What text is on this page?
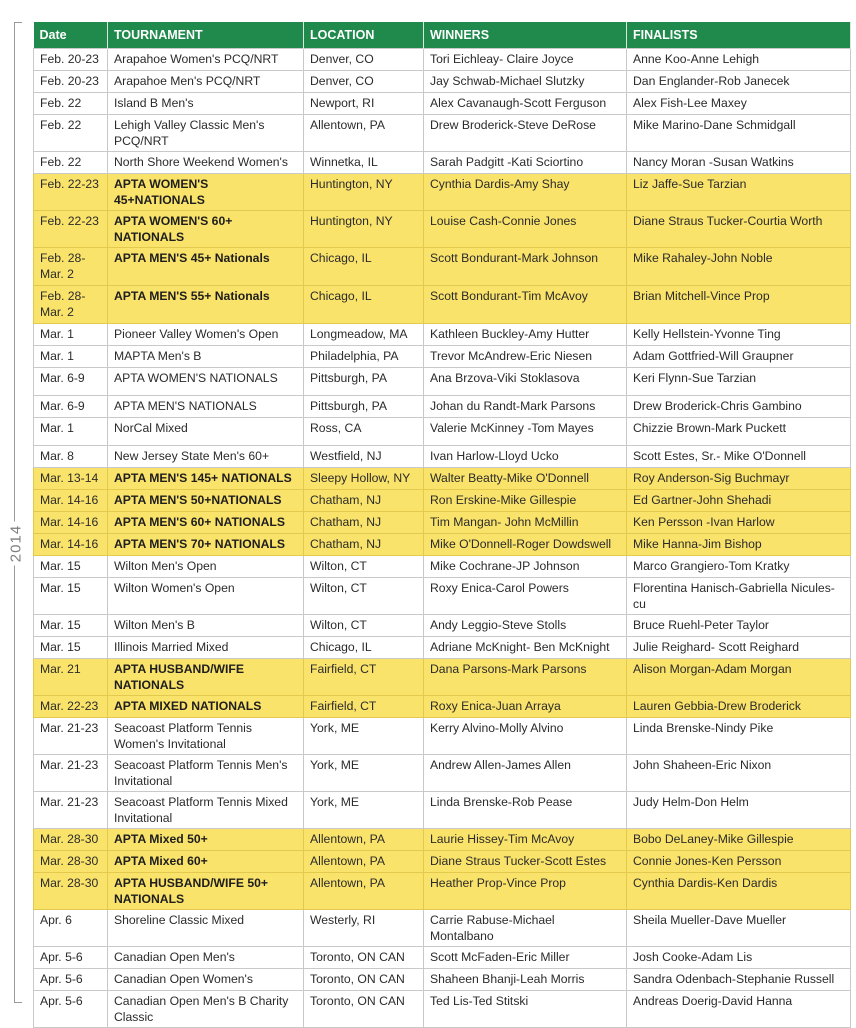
2014
Date	TOURNAMENT	LOCATION	WINNERS	FINALISTS
Feb. 20-23	Arapahoe Women's PCQ/NRT	Denver, CO	Tori Eichleay- Claire Joyce	Anne Koo-Anne Lehigh
Feb. 20-23	Arapahoe Men's PCQ/NRT	Denver, CO	Jay Schwab-Michael Slutzky	Dan Englander-Rob Janecek
Feb. 22	Island B Men's	Newport, RI	Alex Cavanaugh-Scott Ferguson	Alex Fish-Lee Maxey
Feb. 22	Lehigh Valley Classic Men's PCQ/NRT	Allentown, PA	Drew Broderick-Steve DeRose	Mike Marino-Dane Schmidgall
Feb. 22	North Shore Weekend Women's	Winnetka, IL	Sarah Padgitt -Kati Sciortino	Nancy Moran -Susan Watkins
Feb. 22-23	APTA WOMEN'S 45+NATIONALS	Huntington, NY	Cynthia Dardis-Amy Shay	Liz Jaffe-Sue Tarzian
Feb. 22-23	APTA WOMEN'S 60+ NATIONALS	Huntington, NY	Louise Cash-Connie Jones	Diane Straus Tucker-Courtia Worth
Feb. 28-Mar. 2	APTA MEN'S 45+ Nationals	Chicago, IL	Scott Bondurant-Mark Johnson	Mike Rahaley-John Noble
Feb. 28-Mar. 2	APTA MEN'S 55+ Nationals	Chicago, IL	Scott Bondurant-Tim McAvoy	Brian Mitchell-Vince Prop
Mar. 1	Pioneer Valley Women's Open	Longmeadow, MA	Kathleen Buckley-Amy Hutter	Kelly Hellstein-Yvonne Ting
Mar. 1	MAPTA Men's B	Philadelphia, PA	Trevor McAndrew-Eric Niesen	Adam Gottfried-Will Graupner
Mar. 6-9	APTA WOMEN'S NATIONALS	Pittsburgh, PA	Ana Brzova-Viki Stoklasova	Keri Flynn-Sue Tarzian
Mar. 6-9	APTA MEN'S NATIONALS	Pittsburgh, PA	Johan du Randt-Mark Parsons	Drew Broderick-Chris Gambino
Mar. 1	NorCal Mixed	Ross, CA	Valerie McKinney -Tom Mayes	Chizzie Brown-Mark Puckett
Mar. 8	New Jersey State Men's 60+	Westfield, NJ	Ivan Harlow-Lloyd Ucko	Scott Estes, Sr.- Mike O'Donnell
Mar. 13-14	APTA MEN'S 145+ NATIONALS	Sleepy Hollow, NY	Walter Beatty-Mike O'Donnell	Roy Anderson-Sig Buchmayr
Mar. 14-16	APTA MEN'S 50+NATIONALS	Chatham, NJ	Ron Erskine-Mike Gillespie	Ed Gartner-John Shehadi
Mar. 14-16	APTA MEN'S 60+ NATIONALS	Chatham, NJ	Tim Mangan- John McMillin	Ken Persson -Ivan Harlow
Mar. 14-16	APTA MEN'S 70+ NATIONALS	Chatham, NJ	Mike O'Donnell-Roger Dowdswell	Mike Hanna-Jim Bishop
Mar. 15	Wilton Men's Open	Wilton, CT	Mike Cochrane-JP Johnson	Marco Grangiero-Tom Kratky
Mar. 15	Wilton Women's Open	Wilton, CT	Roxy Enica-Carol Powers	Florentina Hanisch-Gabriella Nicules-cu
Mar. 15	Wilton Men's B	Wilton, CT	Andy Leggio-Steve Stolls	Bruce Ruehl-Peter Taylor
Mar. 15	Illinois Married Mixed	Chicago, IL	Adriane McKnight- Ben McKnight	Julie Reighard- Scott Reighard
Mar. 21	APTA HUSBAND/WIFE NATIONALS	Fairfield, CT	Dana Parsons-Mark Parsons	Alison Morgan-Adam Morgan
Mar. 22-23	APTA MIXED NATIONALS	Fairfield, CT	Roxy Enica-Juan Arraya	Lauren Gebbia-Drew Broderick
Mar. 21-23	Seacoast Platform Tennis Women's Invitational	York, ME	Kerry Alvino-Molly Alvino	Linda Brenske-Nindy Pike
Mar. 21-23	Seacoast Platform Tennis Men's Invitational	York, ME	Andrew Allen-James Allen	John Shaheen-Eric Nixon
Mar. 21-23	Seacoast Platform Tennis Mixed Invitational	York, ME	Linda Brenske-Rob Pease	Judy Helm-Don Helm
Mar. 28-30	APTA Mixed 50+	Allentown, PA	Laurie Hissey-Tim McAvoy	Bobo DeLaney-Mike Gillespie
Mar. 28-30	APTA Mixed 60+	Allentown, PA	Diane Straus Tucker-Scott Estes	Connie Jones-Ken Persson
Mar. 28-30	APTA HUSBAND/WIFE 50+ NATIONALS	Allentown, PA	Heather Prop-Vince Prop	Cynthia Dardis-Ken Dardis
Apr. 6	Shoreline Classic Mixed	Westerly, RI	Carrie Rabuse-Michael Montalbano	Sheila Mueller-Dave Mueller
Apr. 5-6	Canadian Open Men's	Toronto, ON CAN	Scott McFaden-Eric Miller	Josh Cooke-Adam Lis
Apr. 5-6	Canadian Open Women's	Toronto, ON CAN	Shaheen Bhanji-Leah Morris	Sandra Odenbach-Stephanie Russell
Apr. 5-6	Canadian Open Men's B Charity Classic	Toronto, ON CAN	Ted Lis-Ted Stitski	Andreas Doerig-David Hanna
